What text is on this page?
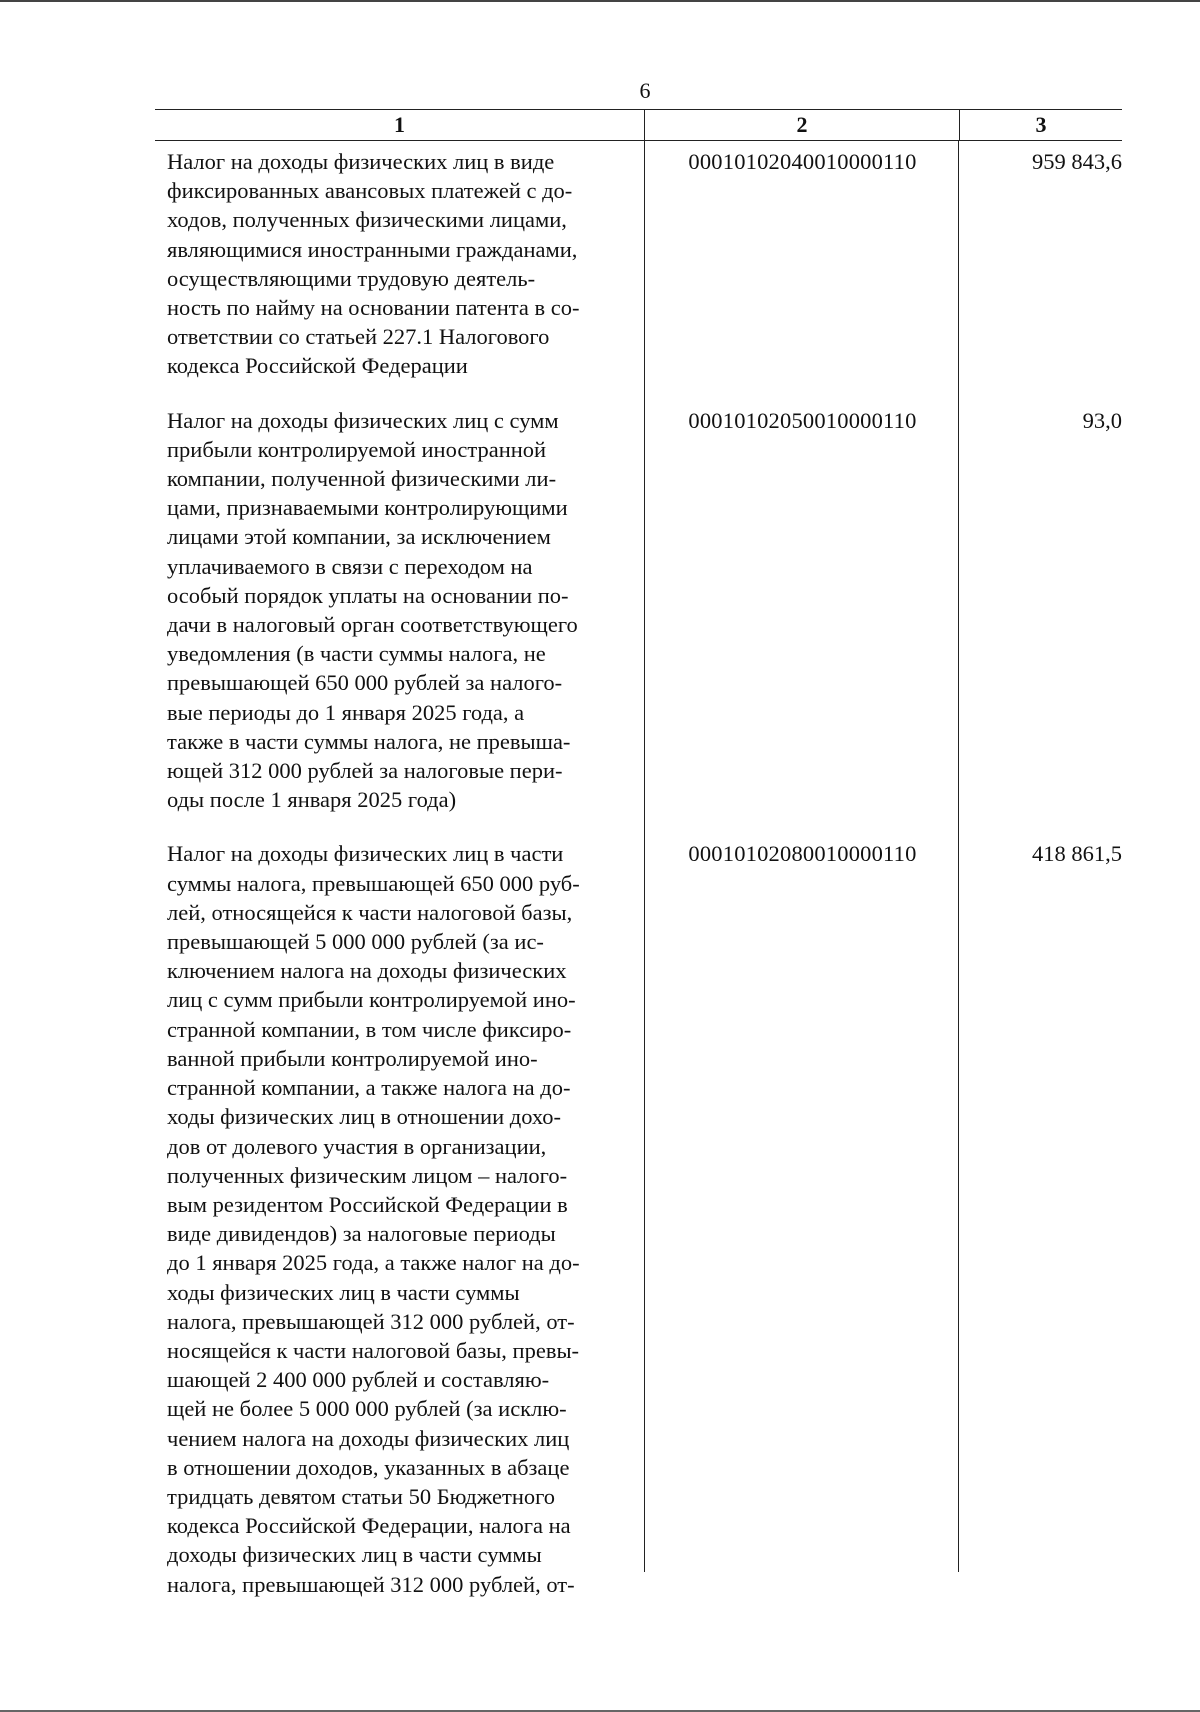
6
1	2	3

Налог на доходы физических лиц в виде
фиксированных авансовых платежей с до-
ходов, полученных физическими лицами,
являющимися иностранными гражданами,
осуществляющими трудовую деятель-
ность по найму на основании патента в со-
ответствии со статьей 227.1 Налогового
кодекса Российской Федерации

Налог на доходы физических лиц с сумм
прибыли контролируемой иностранной
компании, полученной физическими ли-
цами, признаваемыми контролирующими
лицами этой компании, за исключением
уплачиваемого в связи с переходом на
особый порядок уплаты на основании по-
дачи в налоговый орган соответствующего
уведомления (в части суммы налога, не
превышающей 650 000 рублей за налого-
вые периоды до 1 января 2025 года, а
также в части суммы налога, не превыша-
ющей 312 000 рублей за налоговые пери-
оды после 1 января 2025 года)

Налог на доходы физических лиц в части
суммы налога, превышающей 650 000 руб-
лей, относящейся к части налоговой базы,
превышающей 5 000 000 рублей (за ис-
ключением налога на доходы физических
лиц с сумм прибыли контролируемой ино-
странной компании, в том числе фиксиро-
ванной прибыли контролируемой ино-
странной компании, а также налога на до-
ходы физических лиц в отношении дохо-
дов от долевого участия в организации,
полученных физическим лицом – налого-
вым резидентом Российской Федерации в
виде дивидендов) за налоговые периоды
до 1 января 2025 года, а также налог на до-
ходы физических лиц в части суммы
налога, превышающей 312 000 рублей, от-
носящейся к части налоговой базы, превы-
шающей 2 400 000 рублей и составляю-
щей не более 5 000 000 рублей (за исклю-
чением налога на доходы физических лиц
в отношении доходов, указанных в абзаце
тридцать девятом статьи 50 Бюджетного
кодекса Российской Федерации, налога на
доходы физических лиц в части суммы
налога, превышающей 312 000 рублей, от-

00010102040010000110
00010102050010000110
00010102080010000110
959 843,6
93,0
418 861,5
